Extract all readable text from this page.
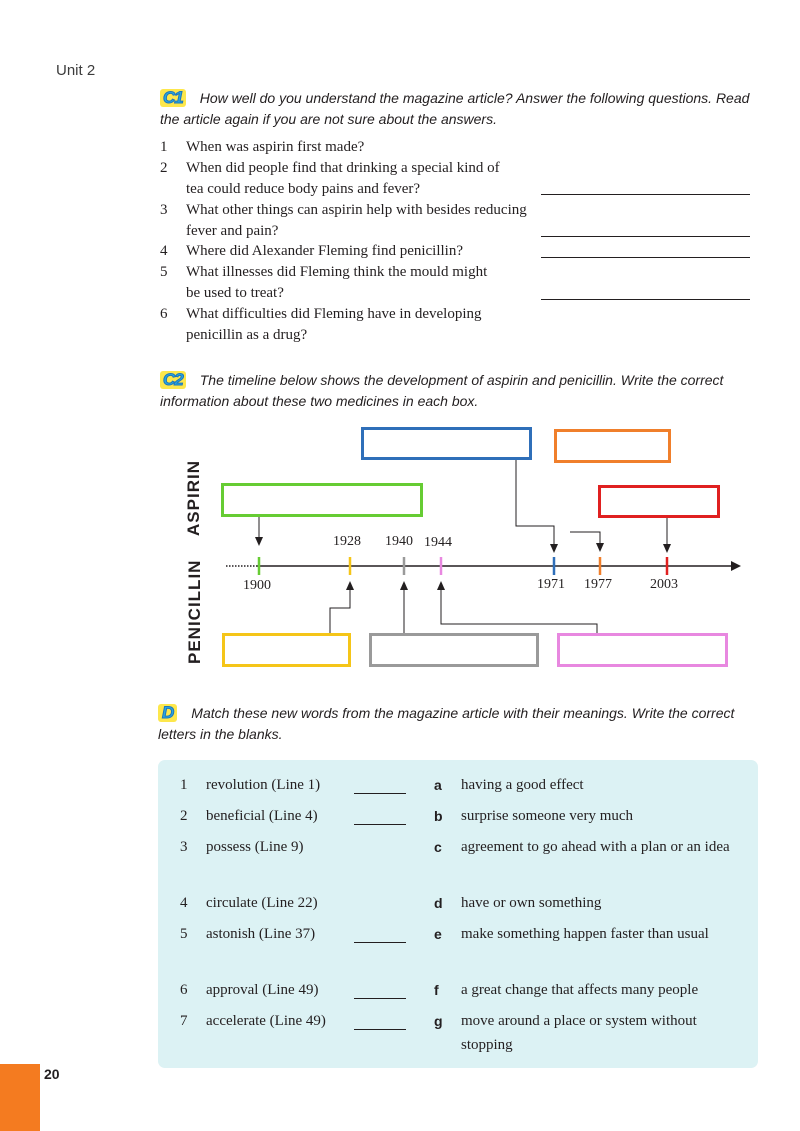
Unit 2
C1 How well do you understand the magazine article? Answer the following questions. Read the article again if you are not sure about the answers.
1	When was aspirin first made?
2	When did people find that drinking a special kind of tea could reduce body pains and fever?
3	What other things can aspirin help with besides reducing fever and pain?
4	Where did Alexander Fleming find penicillin?
5	What illnesses did Fleming think the mould might be used to treat?
6	What difficulties did Fleming have in developing penicillin as a drug?
C2 The timeline below shows the development of aspirin and penicillin. Write the correct information about these two medicines in each box.
ASPIRIN
PENICILLIN
1928 1940 1944
1900	1971 1977	2003
D Match these new words from the magazine article with their meanings. Write the correct letters in the blanks.
1 revolution (Line 1)	a having a good effect
2 beneficial (Line 4)	b surprise someone very much
3 possess (Line 9)	c agreement to go ahead with a plan or an idea
4 circulate (Line 22)	d have or own something
5 astonish (Line 37)	e make something happen faster than usual
6 approval (Line 49)	f a great change that affects many people
7 accelerate (Line 49)	g move around a place or system without stopping
20
